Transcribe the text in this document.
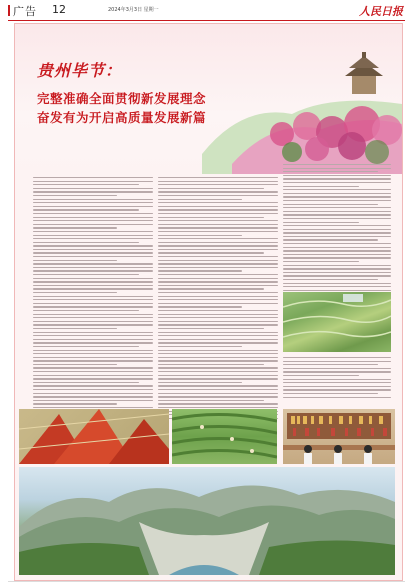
广告 12	2024年3月3日 星期一	人民日报
贵州毕节：
完整准确全面贯彻新发展理念
奋发有为开启高质量发展新篇
